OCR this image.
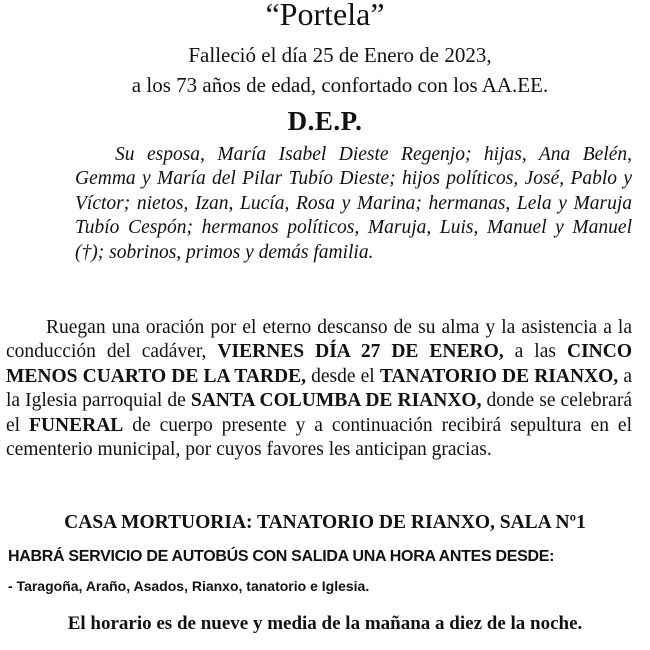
“Portela”
Falleció el día 25 de Enero de 2023,
a los 73 años de edad, confortado con los AA.EE.
D.E.P.

Su esposa, María Isabel Dieste Regenjo; hijas, Ana Belén, Gemma y María del Pilar Tubío Dieste; hijos políticos, José, Pablo y Víctor; nietos, Izan, Lucía, Rosa y Marina; hermanas, Lela y Maruja Tubío Cespón; hermanos políticos, Maruja, Luis, Manuel y Manuel (†); sobrinos, primos y demás familia.

Ruegan una oración por el eterno descanso de su alma y la asistencia a la conducción del cadáver, VIERNES DÍA 27 DE ENERO, a las CINCO MENOS CUARTO DE LA TARDE, desde el TANATORIO DE RIANXO, a la Iglesia parroquial de SANTA COLUMBA DE RIANXO, donde se celebrará el FUNERAL de cuerpo presente y a continuación recibirá sepultura en el cementerio municipal, por cuyos favores les anticipan gracias.

CASA MORTUORIA: TANATORIO DE RIANXO, SALA Nº1
HABRÁ SERVICIO DE AUTOBÚS CON SALIDA UNA HORA ANTES DESDE:
- Taragoña, Araño, Asados, Rianxo, tanatorio e Iglesia.
El horario es de nueve y media de la mañana a diez de la noche.
